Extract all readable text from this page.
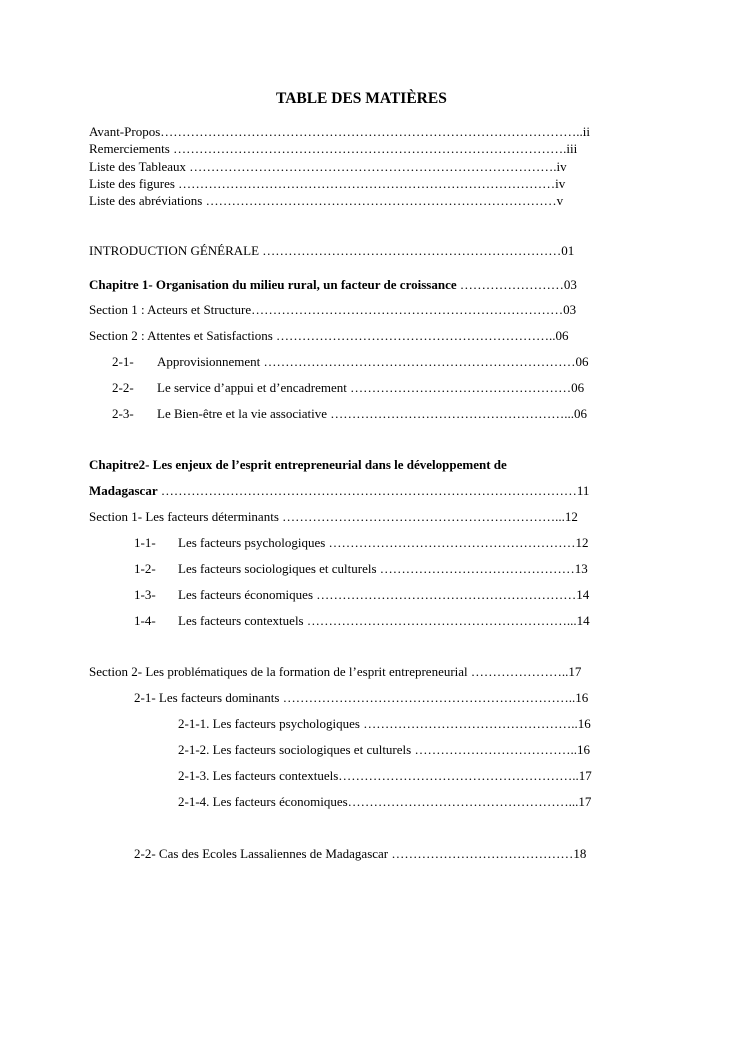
TABLE DES MATIÈRES
Avant-Propos……………………………………………………………………………………..ii
Remerciements ……………………………………………………………………………….iii
Liste des Tableaux ………………………………………………………………………….iv
Liste des figures ……………………………………………………………………………iv
Liste des abréviations ………………………………………………………………………v
INTRODUCTION GÉNÉRALE ……………………………………………………………01
Chapitre 1- Organisation du milieu rural, un facteur de croissance ……………………03
Section 1 : Acteurs et Structure………………………………………………………………03
Section 2 : Attentes et Satisfactions ………………………………………………………..06
2-1- Approvisionnement ………………………………………………………………06
2-2- Le service d’appui et d’encadrement ……………………………………………06
2-3- Le Bien-être et la vie associative ………………………………………………...06
Chapitre2- Les enjeux de l’esprit entrepreneurial dans le développement de
Madagascar ……………………………………………………………………………………11
Section 1- Les facteurs déterminants ………………………………………………………...12
1-1- Les facteurs psychologiques …………………………………………………12
1-2- Les facteurs sociologiques et culturels ………………………………………13
1-3- Les facteurs économiques ……………………………………………………14
1-4- Les facteurs contextuels ……………………………………………………...14
Section 2- Les problématiques de la formation de l’esprit entrepreneurial …………………..17
2-1- Les facteurs dominants …………………………………………………………..16
2-1-1. Les facteurs psychologiques …………………………………………..16
2-1-2. Les facteurs sociologiques et culturels ………………………………..16
2-1-3. Les facteurs contextuels………………………………………………..17
2-1-4. Les facteurs économiques……………………………………………...17
2-2- Cas des Ecoles Lassaliennes de Madagascar ……………………………………18
